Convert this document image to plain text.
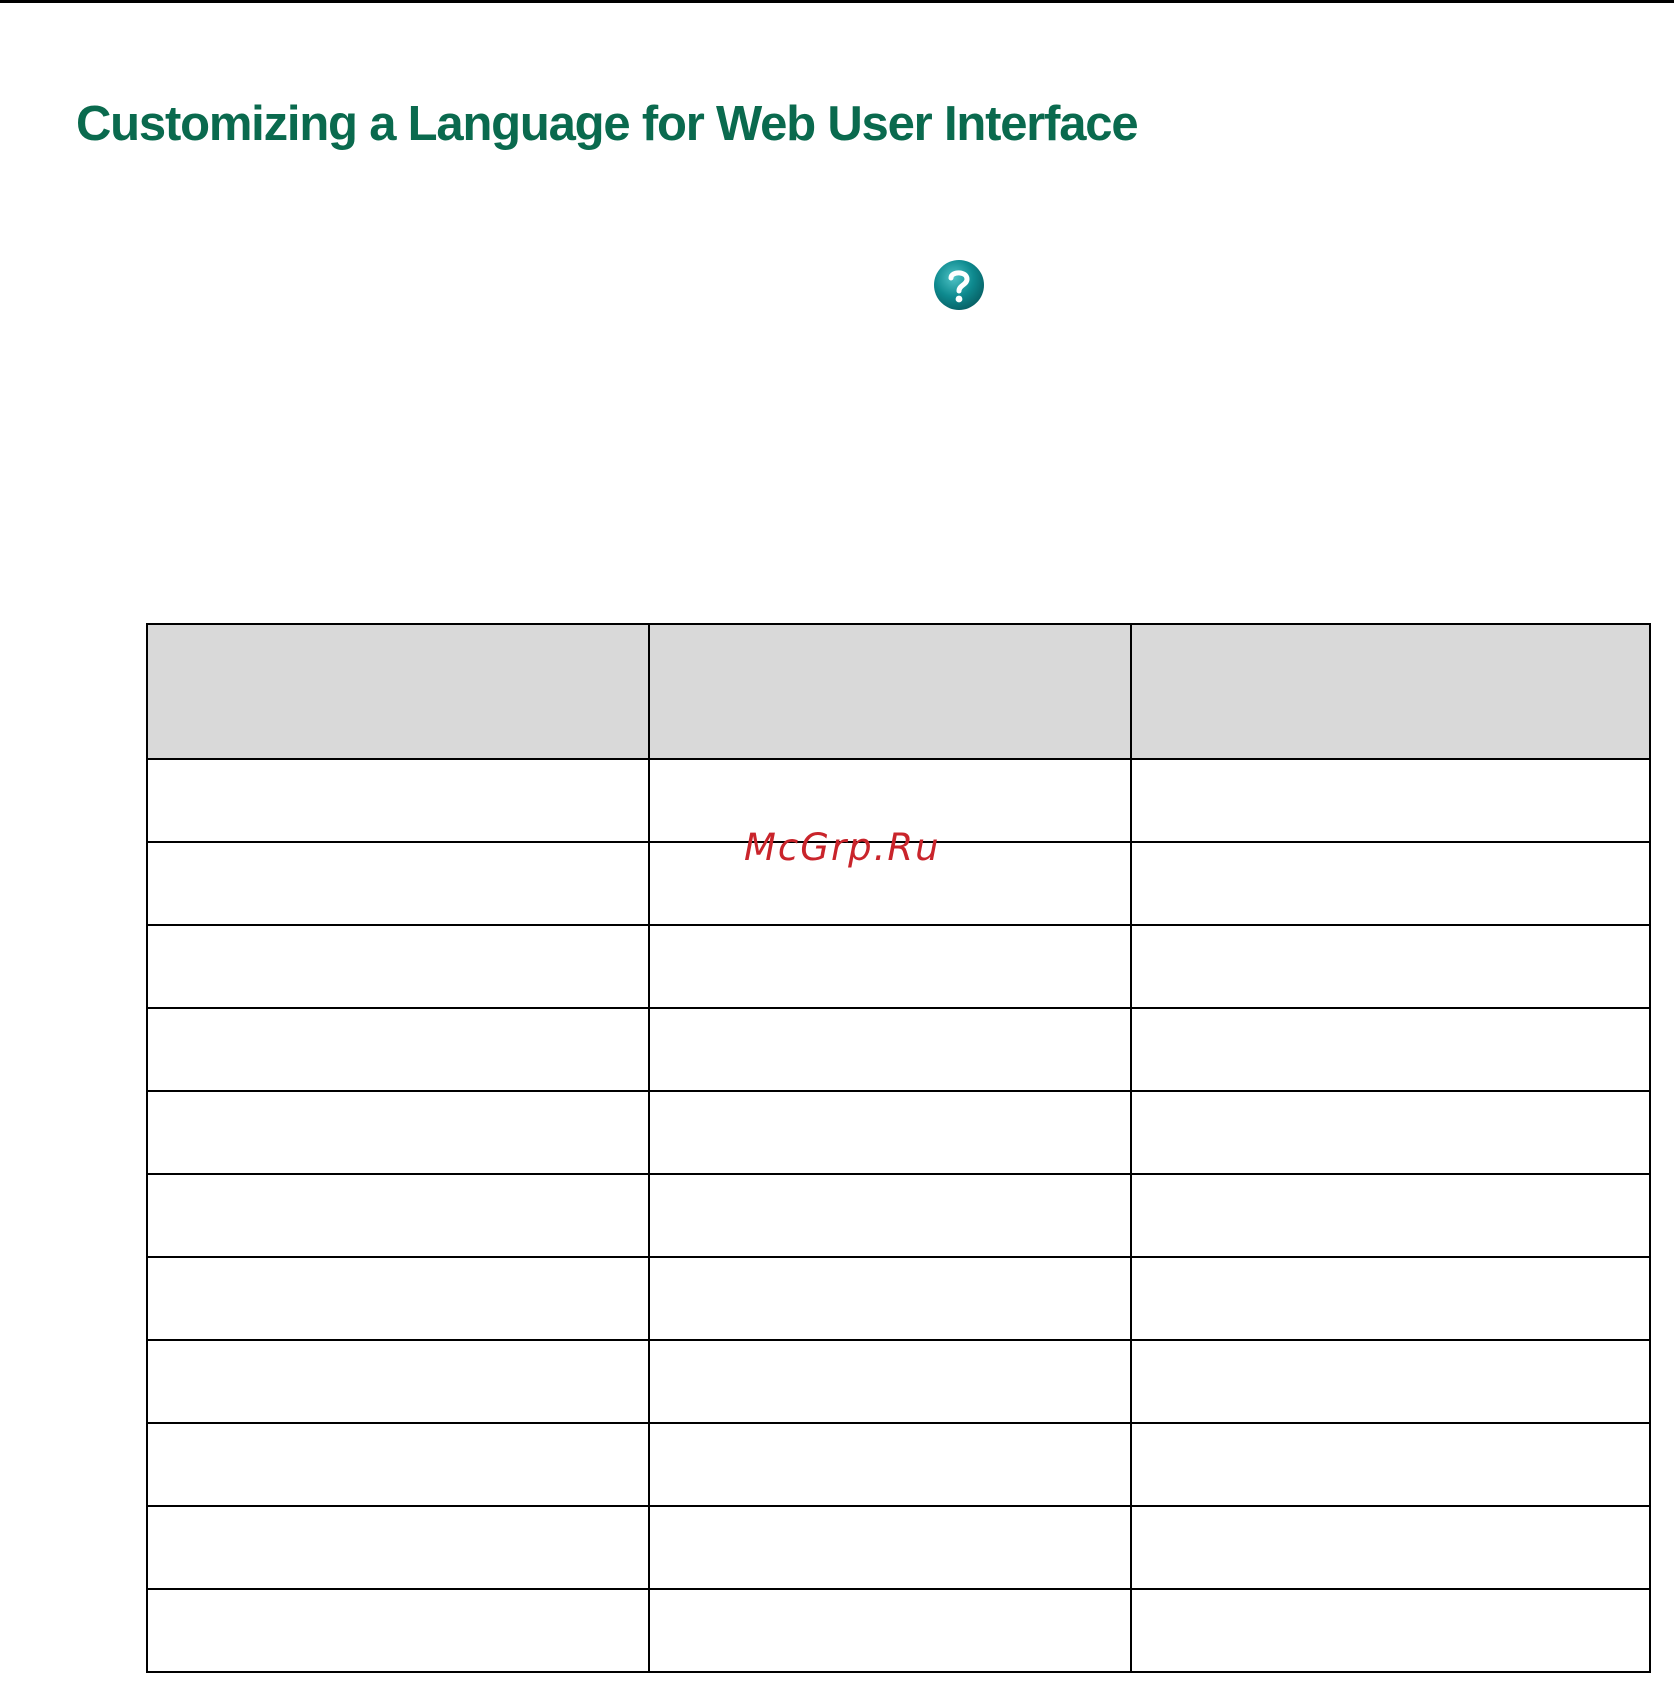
Customizing a Language for Web User Interface

McGrp.Ru
